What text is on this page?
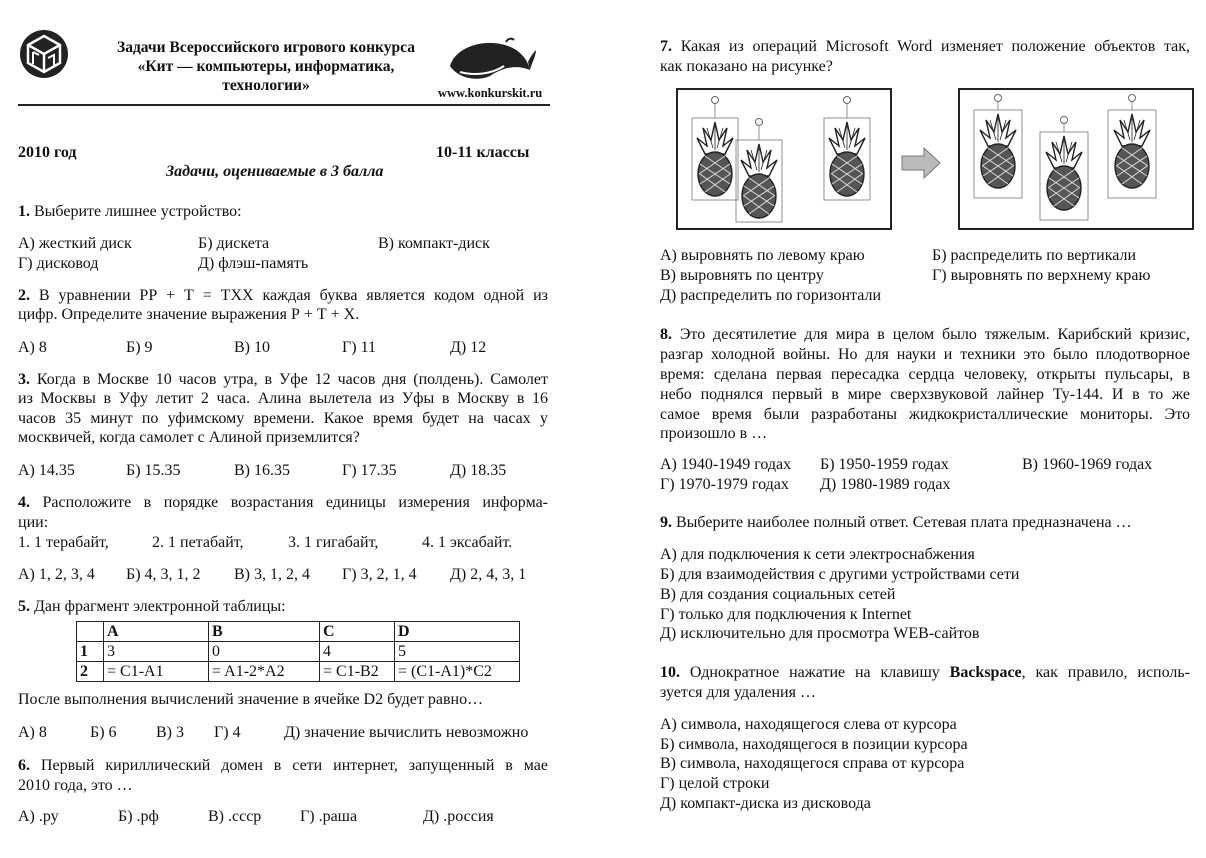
Задачи Всероссийского игрового конкурса
«Кит — компьютеры, информатика,
технологии»	www.konkurskit.ru
2010 год	10-11 классы
Задачи, оцениваемые в 3 балла
1. Выберите лишнее устройство:
А) жесткий диск	Б) дискета	В) компакт-диск
Г) дисковод	Д) флэш-память
2. В уравнении РР + Т = ТХХ каждая буква является кодом одной из
цифр. Определите значение выражения Р + Т + Х.
А) 8	Б) 9	В) 10	Г) 11	Д) 12
3. Когда в Москве 10 часов утра, в Уфе 12 часов дня (полдень). Самолет
из Москвы в Уфу летит 2 часа. Алина вылетела из Уфы в Москву в 16
часов 35 минут по уфимскому времени. Какое время будет на часах у
москвичей, когда самолет с Алиной приземлится?
А) 14.35	Б) 15.35	В) 16.35	Г) 17.35	Д) 18.35
4. Расположите в порядке возрастания единицы измерения информа-
ции:
1. 1 терабайт,	2. 1 петабайт,	3. 1 гигабайт,	4. 1 эксабайт.
А) 1, 2, 3, 4 Б) 4, 3, 1, 2 В) 3, 1, 2, 4 Г) 3, 2, 1, 4 Д) 2, 4, 3, 1
5. Дан фрагмент электронной таблицы:
	A	B	C	D
1	3	0	4	5
2	= C1-A1	= A1-2*A2	= C1-B2	= (C1-A1)*C2
После выполнения вычислений значение в ячейке D2 будет равно…
А) 8	Б) 6 В) 3 Г) 4	Д) значение вычислить невозможно
6. Первый кириллический домен в сети интернет, запущенный в мае
2010 года, это …
А) .ру	Б) .рф	В) .ссср Г) .раша	Д) .россия
7. Какая из операций Microsoft Word изменяет положение объектов так,
как показано на рисунке?
А) выровнять по левому краю	Б) распределить по вертикали
В) выровнять по центру	Г) выровнять по верхнему краю
Д) распределить по горизонтали
8. Это десятилетие для мира в целом было тяжелым. Карибский кризис,
разгар холодной войны. Но для науки и техники это было плодотворное
время: сделана первая пересадка сердца человеку, открыты пульсары, в
небо поднялся первый в мире сверхзвуковой лайнер Ту-144. И в то же
самое время были разработаны жидкокристаллические мониторы. Это
произошло в …
А) 1940-1949 годах Б) 1950-1959 годах	В) 1960-1969 годах
Г) 1970-1979 годах Д) 1980-1989 годах
9. Выберите наиболее полный ответ. Сетевая плата предназначена …
А) для подключения к сети электроснабжения
Б) для взаимодействия с другими устройствами сети
В) для создания социальных сетей
Г) только для подключения к Internet
Д) исключительно для просмотра WEB-сайтов
10. Однократное нажатие на клавишу Backspace, как правило, исполь-
зуется для удаления …
А) символа, находящегося слева от курсора
Б) символа, находящегося в позиции курсора
В) символа, находящегося справа от курсора
Г) целой строки
Д) компакт-диска из дисковода
